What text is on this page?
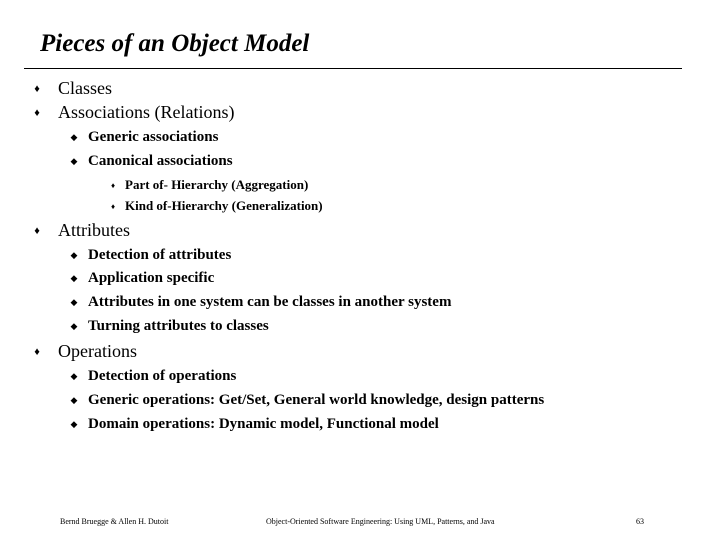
Pieces of an Object Model
♦	Classes
♦	Associations (Relations)
◆ Generic associations
◆ Canonical associations
♦ Part of- Hierarchy (Aggregation)
♦ Kind of-Hierarchy (Generalization)
♦	Attributes
◆ Detection of attributes
◆ Application specific
◆ Attributes in one system can be classes in another system
◆ Turning attributes to classes
♦	Operations
◆ Detection of operations
◆ Generic operations: Get/Set, General world knowledge, design patterns
◆ Domain operations: Dynamic model, Functional model
Bernd Bruegge & Allen H. Dutoit	Object-Oriented Software Engineering: Using UML, Patterns, and Java	63
